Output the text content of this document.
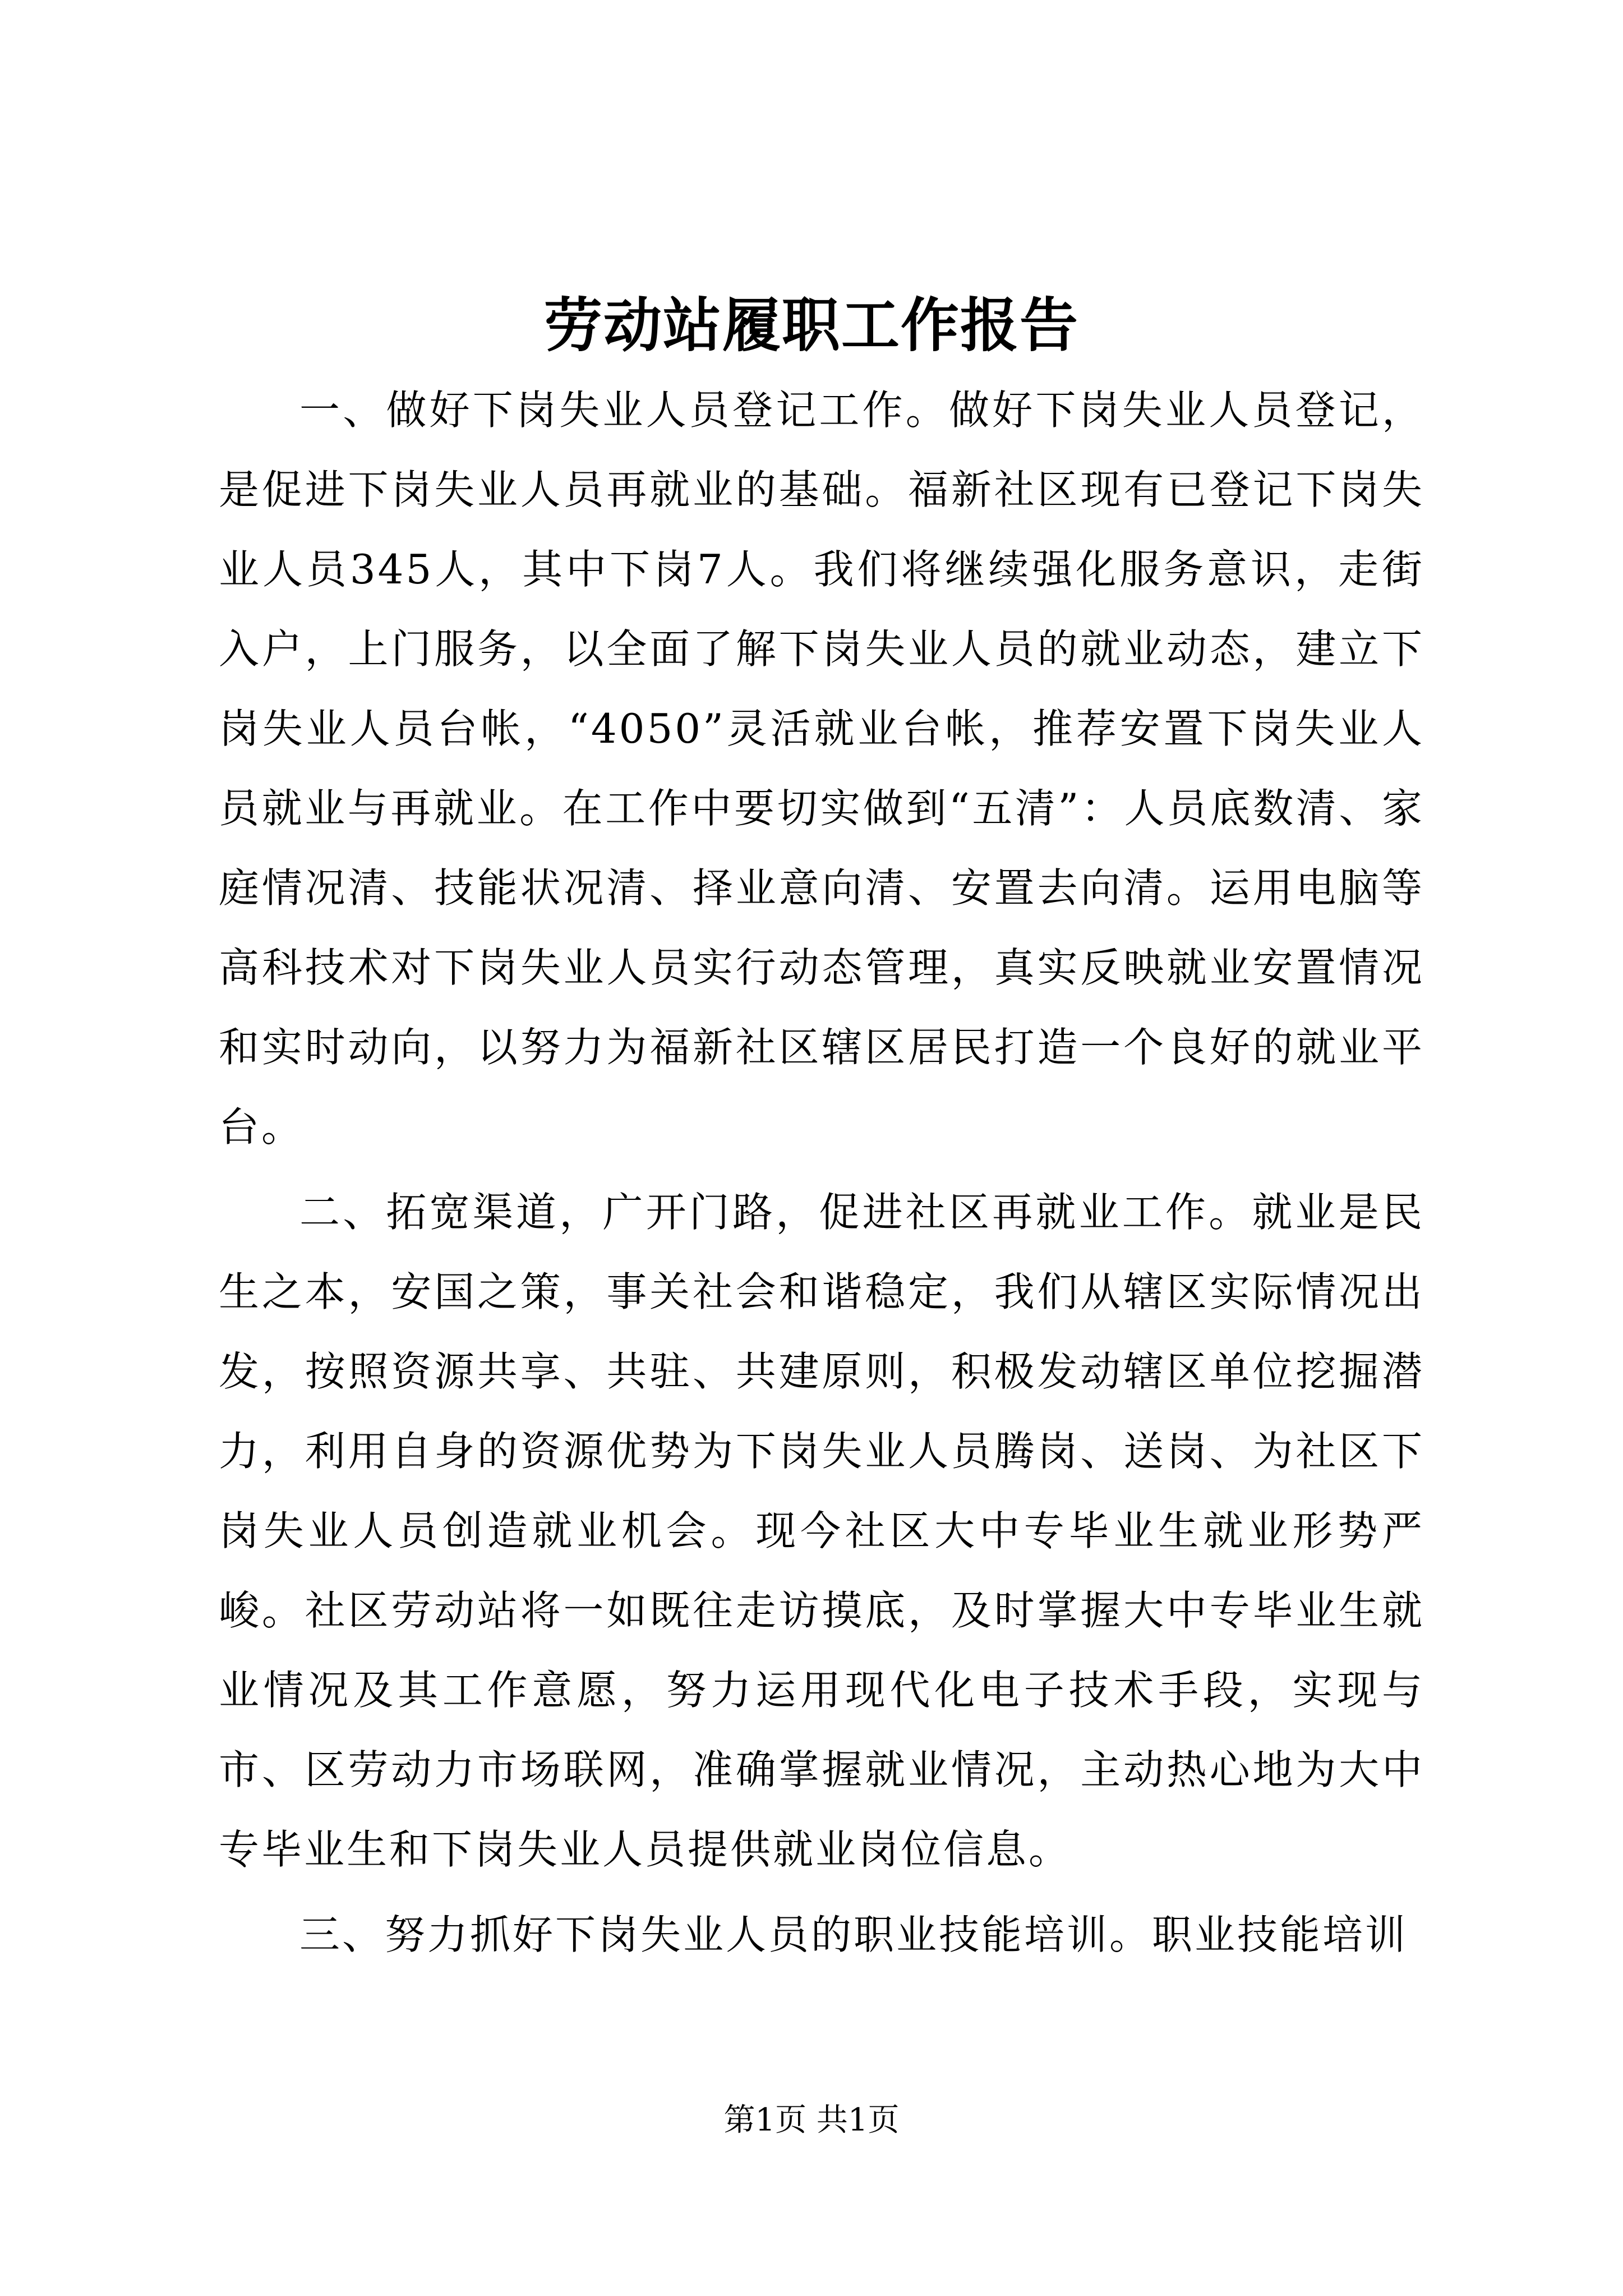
劳动站履职工作报告

一、做好下岗失业人员登记工作。做好下岗失业人员登记，是促进下岗失业人员再就业的基础。福新社区现有已登记下岗失业人员345人，其中下岗7人。我们将继续强化服务意识，走街入户，上门服务，以全面了解下岗失业人员的就业动态，建立下岗失业人员台帐，“4050”灵活就业台帐，推荐安置下岗失业人员就业与再就业。在工作中要切实做到“五清”：人员底数清、家庭情况清、技能状况清、择业意向清、安置去向清。运用电脑等高科技术对下岗失业人员实行动态管理，真实反映就业安置情况和实时动向，以努力为福新社区辖区居民打造一个良好的就业平台。

二、拓宽渠道，广开门路，促进社区再就业工作。就业是民生之本，安国之策，事关社会和谐稳定，我们从辖区实际情况出发，按照资源共享、共驻、共建原则，积极发动辖区单位挖掘潜力，利用自身的资源优势为下岗失业人员腾岗、送岗、为社区下岗失业人员创造就业机会。现今社区大中专毕业生就业形势严峻。社区劳动站将一如既往走访摸底，及时掌握大中专毕业生就业情况及其工作意愿，努力运用现代化电子技术手段，实现与市、区劳动力市场联网，准确掌握就业情况，主动热心地为大中专毕业生和下岗失业人员提供就业岗位信息。

三、努力抓好下岗失业人员的职业技能培训。职业技能培训

第1页 共1页
